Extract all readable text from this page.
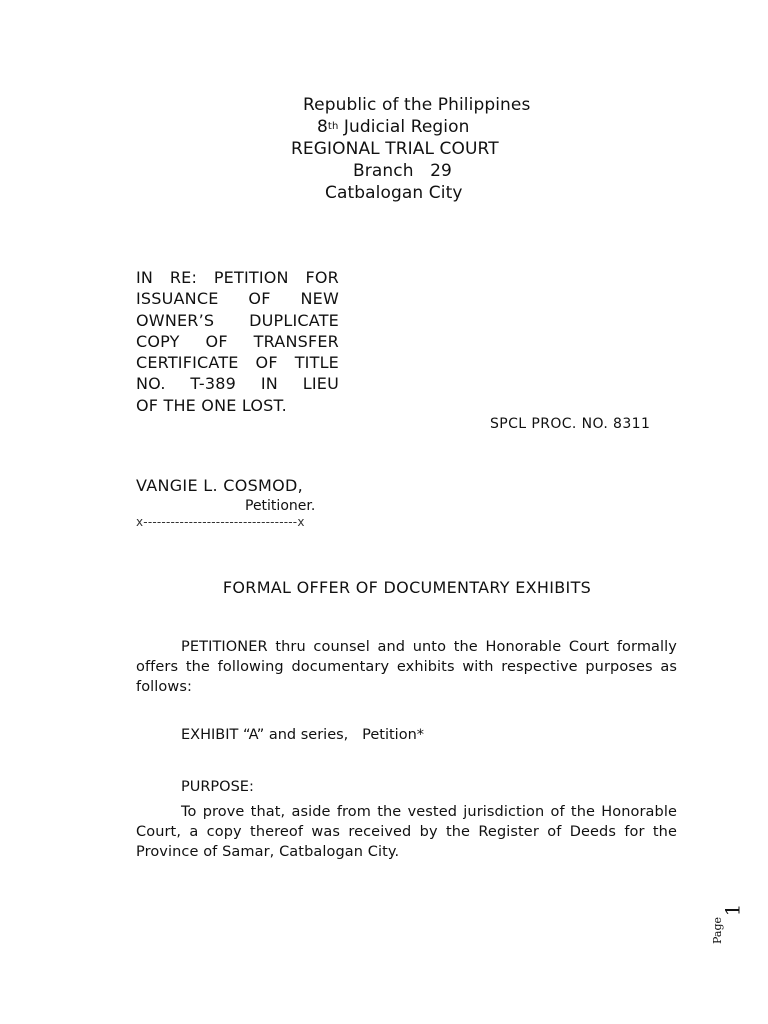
Republic of the Philippines
8th Judicial Region
REGIONAL TRIAL COURT
Branch   29
Catbalogan City
IN RE: PETITION FOR
ISSUANCE OF NEW
OWNER’S DUPLICATE
COPY OF TRANSFER
CERTIFICATE OF TITLE
NO. T-389 IN LIEU
OF THE ONE LOST.
SPCL PROC. NO. 8311
VANGIE L. COSMOD,
Petitioner.
x----------------------------------x
FORMAL OFFER OF DOCUMENTARY EXHIBITS
PETITIONER thru counsel and unto the Honorable Court formally offers the following documentary exhibits with respective purposes as follows:
EXHIBIT “A” and series,   Petition*
PURPOSE:
To prove that, aside from the vested jurisdiction of the Honorable Court, a copy thereof was received by the Register of Deeds for the Province of Samar, Catbalogan City.
Page
1
